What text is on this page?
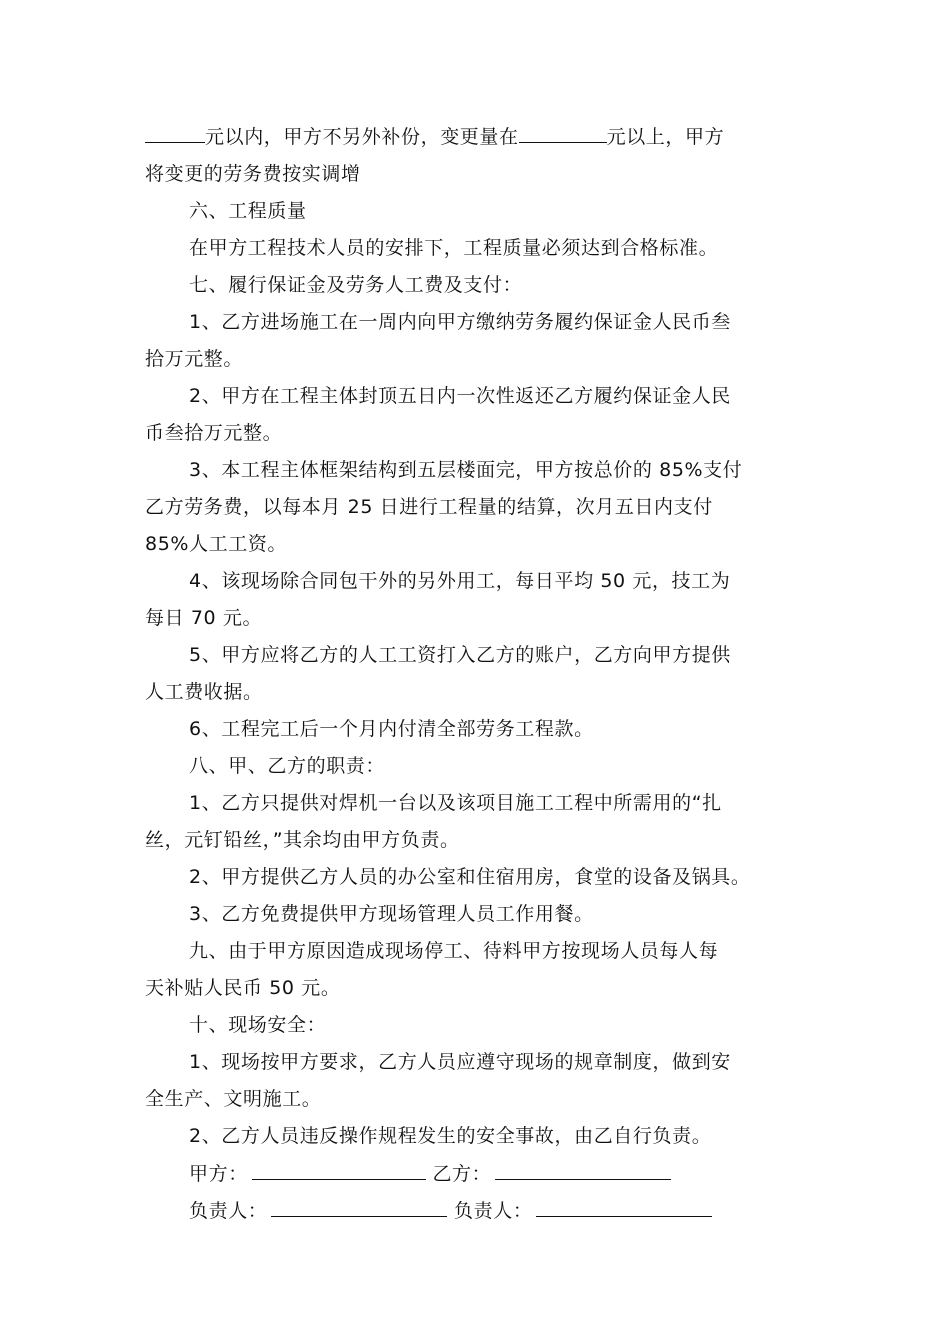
元以内，甲方不另外补份，变更量在	元以上，甲方
将变更的劳务费按实调增
六、工程质量
在甲方工程技术人员的安排下，工程质量必须达到合格标准。
七、履行保证金及劳务人工费及支付：
1、乙方进场施工在一周内向甲方缴纳劳务履约保证金人民币叁
拾万元整。
2、甲方在工程主体封顶五日内一次性返还乙方履约保证金人民
币叁拾万元整。
3、本工程主体框架结构到五层楼面完，甲方按总价的 85%支付
乙方劳务费，以每本月 25 日进行工程量的结算，次月五日内支付
85%人工工资。
4、该现场除合同包干外的另外用工，每日平均 50 元，技工为
每日 70 元。
5、甲方应将乙方的人工工资打入乙方的账户，乙方向甲方提供
人工费收据。
6、工程完工后一个月内付清全部劳务工程款。
八、甲、乙方的职责：
1、乙方只提供对焊机一台以及该项目施工工程中所需用的“扎
丝，元钉铅丝，”其余均由甲方负责。
2、甲方提供乙方人员的办公室和住宿用房，食堂的设备及锅具。
3、乙方免费提供甲方现场管理人员工作用餐。
九、由于甲方原因造成现场停工、待料甲方按现场人员每人每
天补贴人民币 50 元。
十、现场安全：
1、现场按甲方要求，乙方人员应遵守现场的规章制度，做到安
全生产、文明施工。
2、乙方人员违反操作规程发生的安全事故，由乙自行负责。
甲方：	乙方：
负责人：	负责人：
